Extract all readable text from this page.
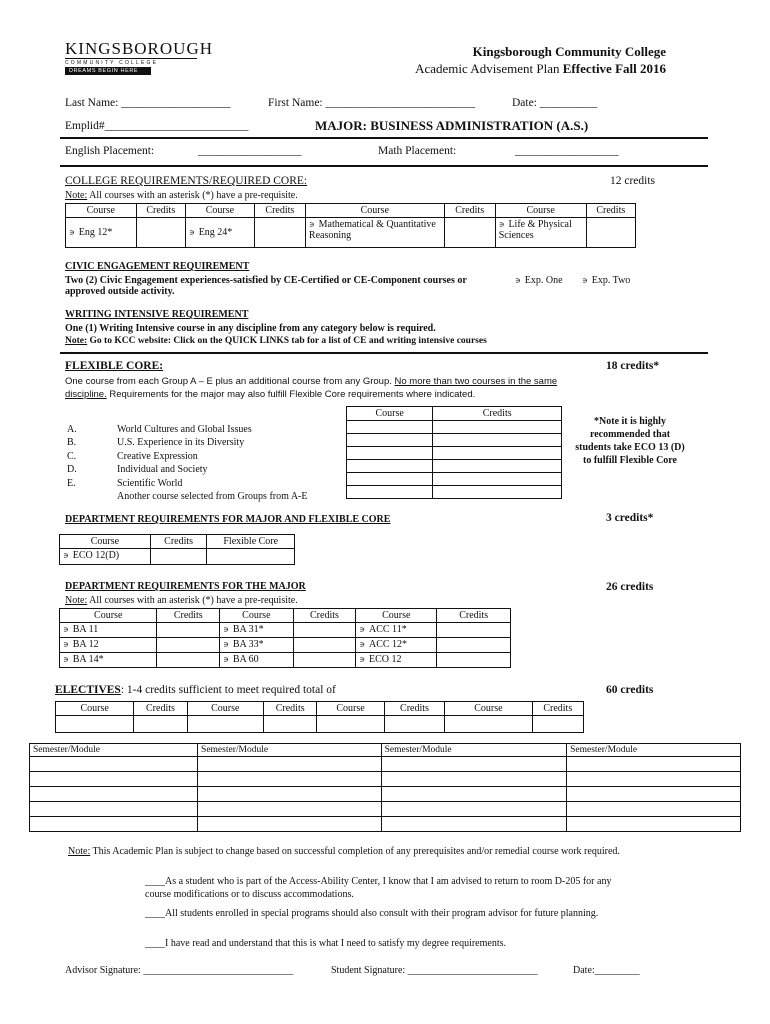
KINGSBOROUGH
COMMUNITY COLLEGE
DREAMS BEGIN HERE
Kingsborough Community College
Academic Advisement Plan Effective Fall 2016
Last Name: ___________________	First Name: __________________________	Date: __________
Emplid#_________________________	MAJOR: BUSINESS ADMINISTRATION (A.S.)
English Placement:	__________________	Math Placement:	__________________
COLLEGE REQUIREMENTS/REQUIRED CORE:	12 credits
Note: All courses with an asterisk (*) have a pre-requisite.
Course	Credits	Course	Credits	Course	Credits	Course	Credits
∍ Eng 12*		∍ Eng 24*		∍ Mathematical & Quantitative Reasoning		∍ Life & Physical Sciences	
CIVIC ENGAGEMENT REQUIREMENT
Two (2) Civic Engagement experiences-satisfied by CE-Certified or CE-Component courses or approved outside activity.
∍ Exp. One ∍ Exp. Two
WRITING INTENSIVE REQUIREMENT
One (1) Writing Intensive course in any discipline from any category below is required.
Note: Go to KCC website: Click on the QUICK LINKS tab for a list of CE and writing intensive courses
FLEXIBLE CORE:	18 credits*
One course from each Group A – E plus an additional course from any Group. No more than two courses in the same discipline. Requirements for the major may also fulfill Flexible Core requirements where indicated.
Course	Credits

A.	World Cultures and Global Issues
B.	U.S. Experience in its Diversity
C.	Creative Expression
D.	Individual and Society
E.	Scientific World
Another course selected from Groups from A-E
*Note it is highly recommended that students take ECO 13 (D) to fulfill Flexible Core
DEPARTMENT REQUIREMENTS FOR MAJOR AND FLEXIBLE CORE	3 credits*
Course	Credits	Flexible Core
∍ ECO 12(D)		
DEPARTMENT REQUIREMENTS FOR THE MAJOR	26 credits
Note: All courses with an asterisk (*) have a pre-requisite.
Course	Credits	Course	Credits	Course	Credits
∍ BA 11		∍ BA 31*		∍ ACC 11*	
∍ BA 12		∍ BA 33*		∍ ACC 12*	
∍ BA 14*		∍ BA 60		∍ ECO 12	
ELECTIVES: 1-4 credits sufficient to meet required total of	60 credits
Course	Credits	Course	Credits	Course	Credits	Course	Credits

Semester/Module	Semester/Module	Semester/Module	Semester/Module

Note: This Academic Plan is subject to change based on successful completion of any prerequisites and/or remedial course work required.
____As a student who is part of the Access-Ability Center, I know that I am advised to return to room D-205 for any course modifications or to discuss accommodations.
____All students enrolled in special programs should also consult with their program advisor for future planning.
____I have read and understand that this is what I need to satisfy my degree requirements.
Advisor Signature: ______________________________	Student Signature: __________________________	Date:_________
